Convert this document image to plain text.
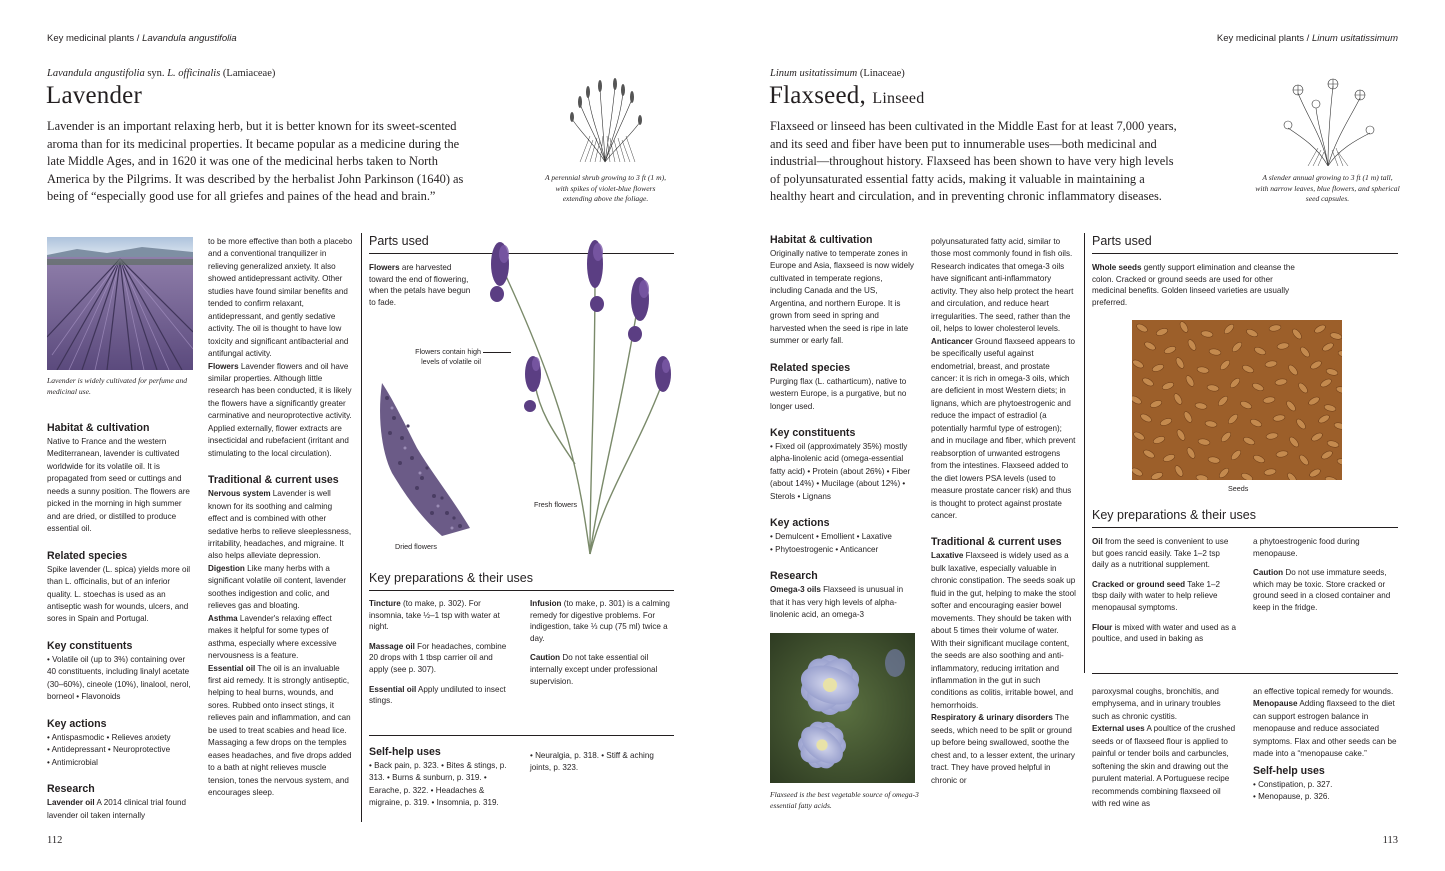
Key medicinal plants / Lavandula angustifolia
Lavandula angustifolia syn. L. officinalis (Lamiaceae)
Lavender

Lavender is an important relaxing herb, but it is better known for its sweet-scented aroma than for its medicinal properties. It became popular as a medicine during the late Middle Ages, and in 1620 it was one of the medicinal herbs taken to North America by the Pilgrims. It was described by the herbalist John Parkinson (1640) as being of “especially good use for all griefes and paines of the head and brain.”

A perennial shrub growing to 3 ft (1 m), with spikes of violet-blue flowers extending above the foliage.

Lavender is widely cultivated for perfume and medicinal use.

Habitat & cultivation

Native to France and the western Mediterranean, lavender is cultivated worldwide for its volatile oil. It is propagated from seed or cuttings and needs a sunny position. The flowers are picked in the morning in high summer and are dried, or distilled to produce essential oil.

Related species

Spike lavender (L. spica) yields more oil than L. officinalis, but of an inferior quality. L. stoechas is used as an antiseptic wash for wounds, ulcers, and sores in Spain and Portugal.

Key constituents

• Volatile oil (up to 3%) containing over 40 constituents, including linalyl acetate (30–60%), cineole (10%), linalool, nerol, borneol • Flavonoids

Key actions

• Antispasmodic • Relieves anxiety

• Antidepressant • Neuroprotective

• Antimicrobial

Research

Lavender oil A 2014 clinical trial found lavender oil taken internally

to be more effective than both a placebo and a conventional tranquilizer in relieving generalized anxiety. It also showed antidepressant activity. Other studies have found similar benefits and tended to confirm relaxant, antidepressant, and gently sedative activity. The oil is thought to have low toxicity and significant antibacterial and antifungal activity.

Flowers Lavender flowers and oil have similar properties. Although little research has been conducted, it is likely the flowers have a significantly greater carminative and neuroprotective activity. Applied externally, flower extracts are insecticidal and rubefacient (irritant and stimulating to the local circulation).

Traditional & current uses

Nervous system Lavender is well known for its soothing and calming effect and is combined with other sedative herbs to relieve sleeplessness, irritability, headaches, and migraine. It also helps alleviate depression.

Digestion Like many herbs with a significant volatile oil content, lavender soothes indigestion and colic, and relieves gas and bloating.

Asthma Lavender's relaxing effect makes it helpful for some types of asthma, especially where excessive nervousness is a feature.

Essential oil The oil is an invaluable first aid remedy. It is strongly antiseptic, helping to heal burns, wounds, and sores. Rubbed onto insect stings, it relieves pain and inflammation, and can be used to treat scabies and head lice. Massaging a few drops on the temples eases headaches, and five drops added to a bath at night relieves muscle tension, tones the nervous system, and encourages sleep.

Parts used

Flowers are harvested toward the end of flowering, when the petals have begun to fade.

Flowers contain high levels of volatile oil
Fresh flowers
Dried flowers
Key preparations & their uses

Tincture (to make, p. 302). For insomnia, take ½–1 tsp with water at night.

Massage oil For headaches, combine 20 drops with 1 tbsp carrier oil and apply (see p. 307).

Essential oil Apply undiluted to insect stings.

Infusion (to make, p. 301) is a calming remedy for digestive problems. For indigestion, take ⅓ cup (75 ml) twice a day.

Caution Do not take essential oil internally except under professional supervision.

Self-help uses

• Back pain, p. 323. • Bites & stings, p. 313. • Burns & sunburn, p. 319. • Earache, p. 322. • Headaches & migraine, p. 319. • Insomnia, p. 319.

• Neuralgia, p. 318. • Stiff & aching joints, p. 323.

112
Key medicinal plants / Linum usitatissimum
Linum usitatissimum (Linaceae)
Flaxseed, Linseed

Flaxseed or linseed has been cultivated in the Middle East for at least 7,000 years, and its seed and fiber have been put to innumerable uses—both medicinal and industrial—throughout history. Flaxseed has been shown to have very high levels of polyunsaturated essential fatty acids, making it valuable in maintaining a healthy heart and circulation, and in preventing chronic inflammatory diseases.

A slender annual growing to 3 ft (1 m) tall, with narrow leaves, blue flowers, and spherical seed capsules.

Habitat & cultivation

Originally native to temperate zones in Europe and Asia, flaxseed is now widely cultivated in temperate regions, including Canada and the US, Argentina, and northern Europe. It is grown from seed in spring and harvested when the seed is ripe in late summer or early fall.

Related species

Purging flax (L. catharticum), native to western Europe, is a purgative, but no longer used.

Key constituents

• Fixed oil (approximately 35%) mostly alpha-linolenic acid (omega-essential fatty acid) • Protein (about 26%) • Fiber (about 14%) • Mucilage (about 12%) • Sterols • Lignans

Key actions

• Demulcent • Emollient • Laxative

• Phytoestrogenic • Anticancer

Research

Omega-3 oils Flaxseed is unusual in that it has very high levels of alpha-linolenic acid, an omega-3

Flaxseed is the best vegetable source of omega-3 essential fatty acids.

polyunsaturated fatty acid, similar to those most commonly found in fish oils. Research indicates that omega-3 oils have significant anti-inflammatory activity. They also help protect the heart and circulation, and reduce heart irregularities. The seed, rather than the oil, helps to lower cholesterol levels.

Anticancer Ground flaxseed appears to be specifically useful against endometrial, breast, and prostate cancer: it is rich in omega-3 oils, which are deficient in most Western diets; in lignans, which are phytoestrogenic and reduce the impact of estradiol (a potentially harmful type of estrogen); and in mucilage and fiber, which prevent reabsorption of unwanted estrogens from the intestines. Flaxseed added to the diet lowers PSA levels (used to measure prostate cancer risk) and thus is thought to protect against prostate cancer.

Traditional & current uses

Laxative Flaxseed is widely used as a bulk laxative, especially valuable in chronic constipation. The seeds soak up fluid in the gut, helping to make the stool softer and encouraging easier bowel movements. They should be taken with about 5 times their volume of water. With their significant mucilage content, the seeds are also soothing and anti-inflammatory, reducing irritation and inflammation in the gut in such conditions as colitis, irritable bowel, and hemorrhoids.

Respiratory & urinary disorders The seeds, which need to be split or ground up before being swallowed, soothe the chest and, to a lesser extent, the urinary tract. They have proved helpful in chronic or

Parts used

Whole seeds gently support elimination and cleanse the colon. Cracked or ground seeds are used for other medicinal benefits. Golden linseed varieties are usually preferred.

Seeds
Key preparations & their uses

Oil from the seed is convenient to use but goes rancid easily. Take 1–2 tsp daily as a nutritional supplement.

Cracked or ground seed Take 1–2 tbsp daily with water to help relieve menopausal symptoms.

Flour is mixed with water and used as a poultice, and used in baking as

a phytoestrogenic food during menopause.

Caution Do not use immature seeds, which may be toxic. Store cracked or ground seed in a closed container and keep in the fridge.

paroxysmal coughs, bronchitis, and emphysema, and in urinary troubles such as chronic cystitis.

External uses A poultice of the crushed seeds or of flaxseed flour is applied to painful or tender boils and carbuncles, softening the skin and drawing out the purulent material. A Portuguese recipe recommends combining flaxseed oil with red wine as

an effective topical remedy for wounds.

Menopause Adding flaxseed to the diet can support estrogen balance in menopause and reduce associated symptoms. Flax and other seeds can be made into a “menopause cake.”

Self-help uses

• Constipation, p. 327.

• Menopause, p. 326.

113
